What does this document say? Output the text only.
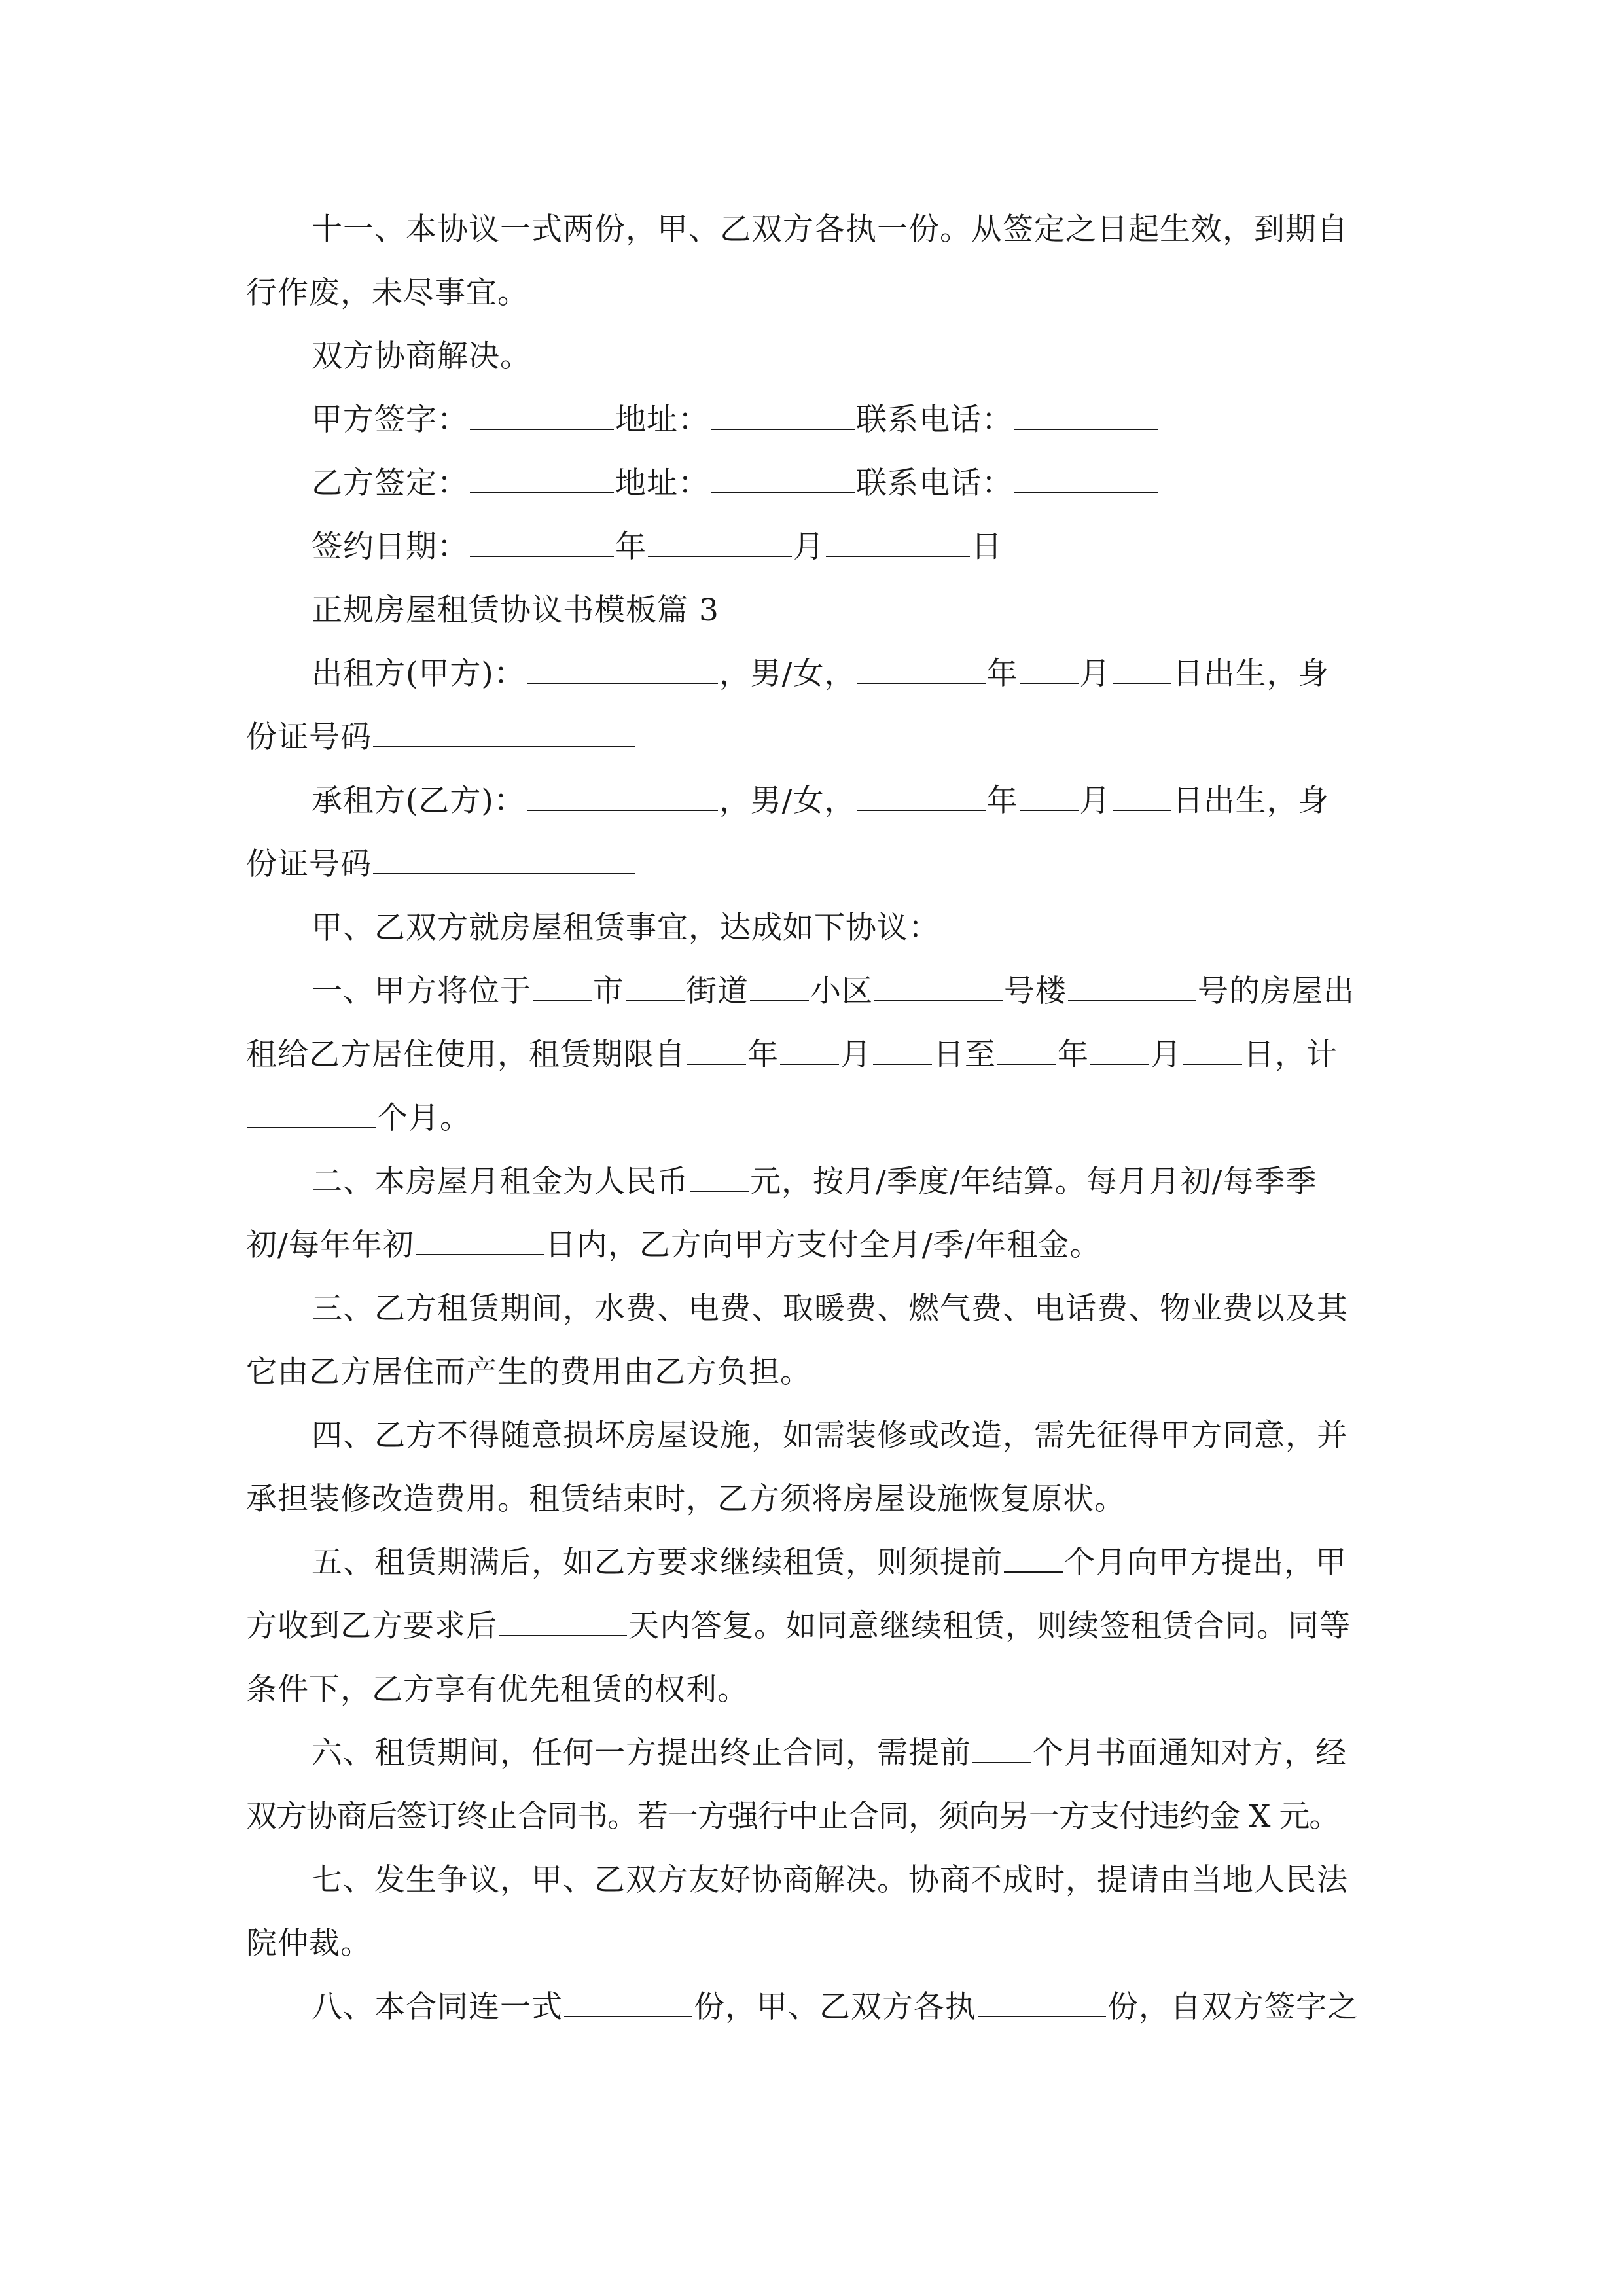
十一、本协议一式两份，甲、乙双方各执一份。从签定之日起生效，到期自
行作废，未尽事宜。
双方协商解决。
甲方签字：	地址：	联系电话：
乙方签定：	地址：	联系电话：
签约日期：	年	月	日
正规房屋租赁协议书模板篇 3
出租方(甲方)：	，男/女，	年 月 日出生，身
份证号码
承租方(乙方)：	，男/女，	年 月 日出生，身
份证号码
甲、乙双方就房屋租赁事宜，达成如下协议：
一、甲方将位于 市 街道 小区	号楼	号的房屋出
租给乙方居住使用，租赁期限自 年 月 日至 年 月 日，计
个月。
二、本房屋月租金为人民币 元，按月/季度/年结算。每月月初/每季季
初/每年年初	日内，乙方向甲方支付全月/季/年租金。
三、乙方租赁期间，水费、电费、取暖费、燃气费、电话费、物业费以及其
它由乙方居住而产生的费用由乙方负担。
四、乙方不得随意损坏房屋设施，如需装修或改造，需先征得甲方同意，并
承担装修改造费用。租赁结束时，乙方须将房屋设施恢复原状。
五、租赁期满后，如乙方要求继续租赁，则须提前 个月向甲方提出，甲
方收到乙方要求后	天内答复。如同意继续租赁，则续签租赁合同。同等
条件下，乙方享有优先租赁的权利。
六、租赁期间，任何一方提出终止合同，需提前 个月书面通知对方，经
双方协商后签订终止合同书。若一方强行中止合同，须向另一方支付违约金 X 元。
七、发生争议，甲、乙双方友好协商解决。协商不成时，提请由当地人民法
院仲裁。
八、本合同连一式	份，甲、乙双方各执	份，自双方签字之
